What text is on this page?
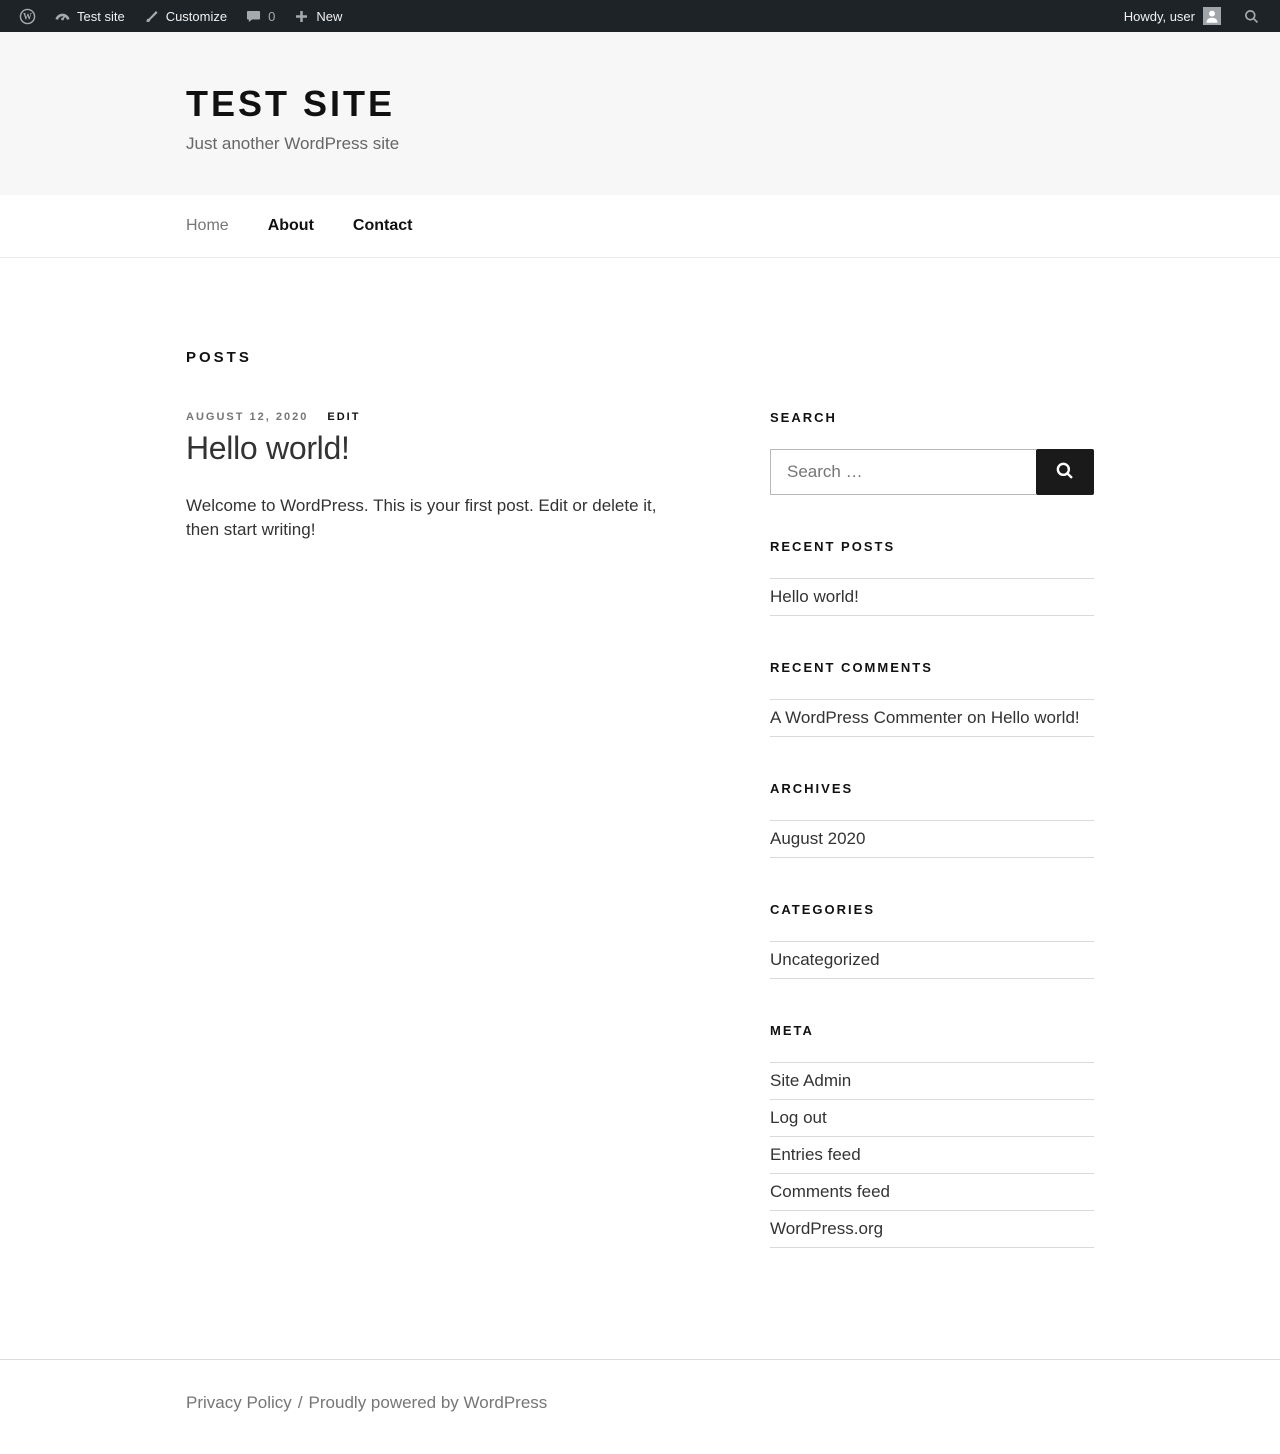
W	Test site	Customize	0	New	Howdy, user
TEST SITE

Just another WordPress site

Home About Contact
POSTS
AUGUST 12, 2020 EDIT
Hello world!

Welcome to WordPress. This is your first post. Edit or delete it, then start writing!

SEARCH
Search …
RECENT POSTS
Hello world!
RECENT COMMENTS
A WordPress Commenter on Hello world!
ARCHIVES
August 2020
CATEGORIES
Uncategorized
META
Site Admin
Log out
Entries feed
Comments feed
WordPress.org

Privacy Policy / Proudly powered by WordPress
